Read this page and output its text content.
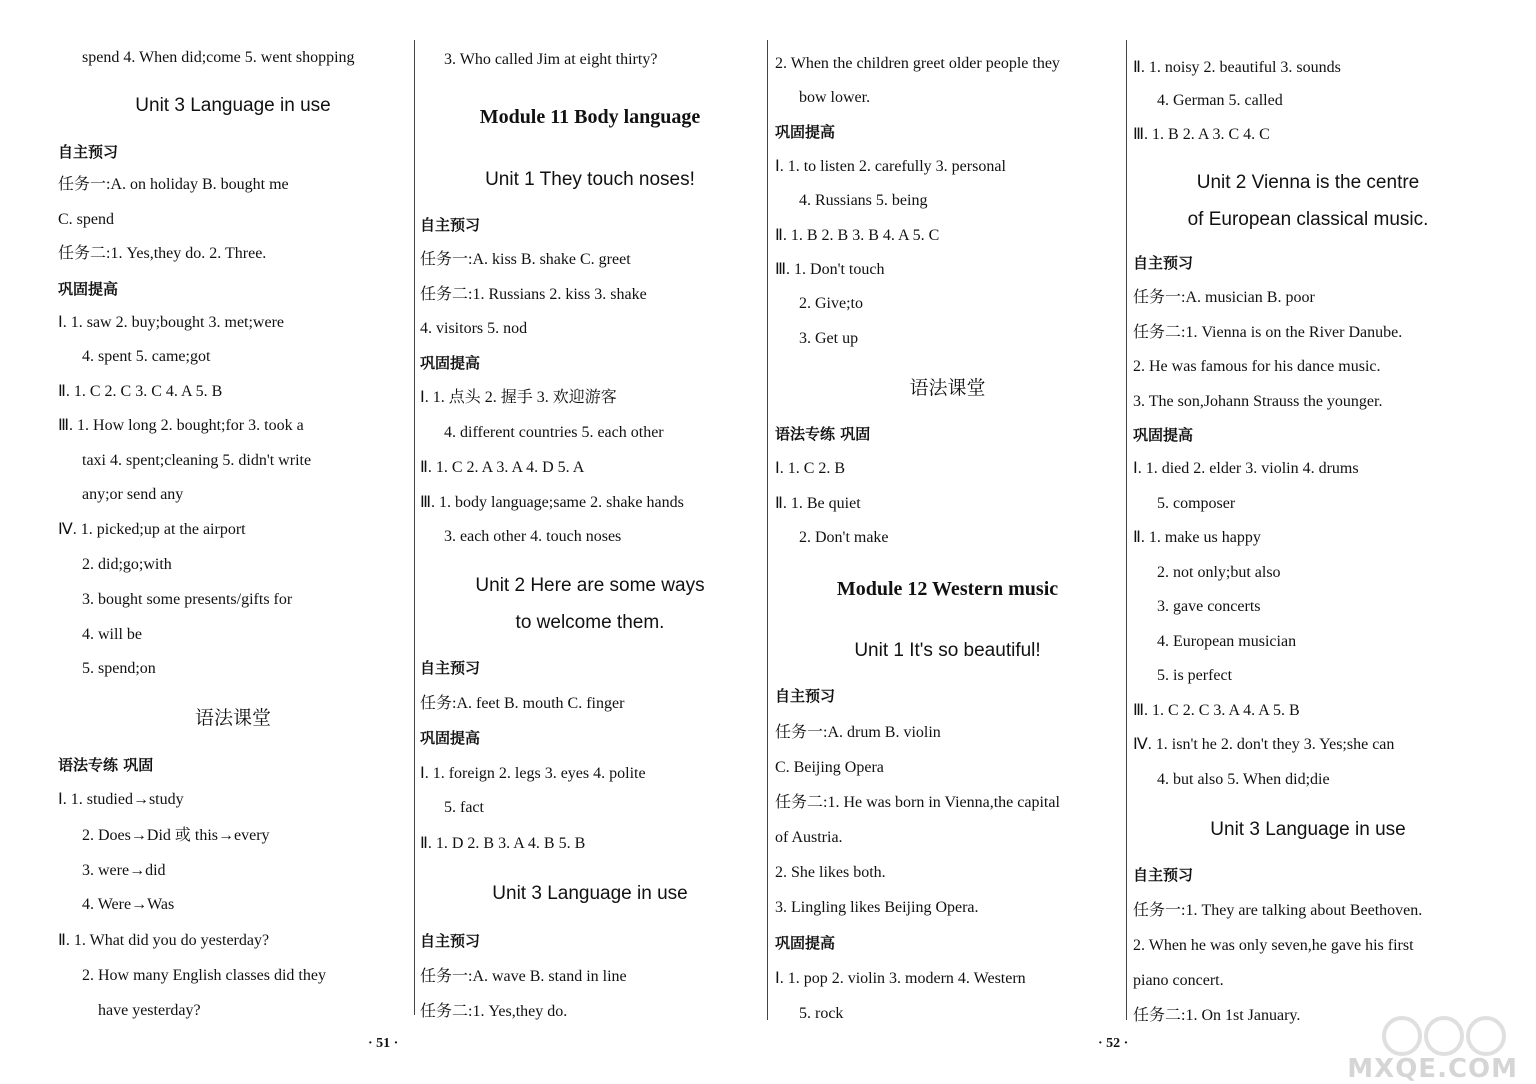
spend 4. When did;come 5. went shopping
Unit 3 Language in use
自主预习
任务一:A. on holiday B. bought me
C. spend
任务二:1. Yes,they do. 2. Three.
巩固提高
Ⅰ. 1. saw 2. buy;bought 3. met;were
4. spent 5. came;got
Ⅱ. 1. C 2. C 3. C 4. A 5. B
Ⅲ. 1. How long 2. bought;for 3. took a
taxi 4. spent;cleaning 5. didn't write
any;or send any
Ⅳ. 1. picked;up at the airport
2. did;go;with
3. bought some presents/gifts for
4. will be
5. spend;on
语法课堂
语法专练 巩固
Ⅰ. 1. studied→study
2. Does→Did 或 this→every
3. were→did
4. Were→Was
Ⅱ. 1. What did you do yesterday?
2. How many English classes did they
have yesterday?
3. Who called Jim at eight thirty?
Module 11 Body language
Unit 1 They touch noses!
自主预习
任务一:A. kiss B. shake C. greet
任务二:1. Russians 2. kiss 3. shake
4. visitors 5. nod
巩固提高
Ⅰ. 1. 点头 2. 握手 3. 欢迎游客
4. different countries 5. each other
Ⅱ. 1. C 2. A 3. A 4. D 5. A
Ⅲ. 1. body language;same 2. shake hands
3. each other 4. touch noses
Unit 2 Here are some ways
to welcome them.
自主预习
任务:A. feet B. mouth C. finger
巩固提高
Ⅰ. 1. foreign 2. legs 3. eyes 4. polite
5. fact
Ⅱ. 1. D 2. B 3. A 4. B 5. B
Unit 3 Language in use
自主预习
任务一:A. wave B. stand in line
任务二:1. Yes,they do.
2. When the children greet older people they
bow lower.
巩固提高
Ⅰ. 1. to listen 2. carefully 3. personal
4. Russians 5. being
Ⅱ. 1. B 2. B 3. B 4. A 5. C
Ⅲ. 1. Don't touch
2. Give;to
3. Get up
语法课堂
语法专练 巩固
Ⅰ. 1. C 2. B
Ⅱ. 1. Be quiet
2. Don't make
Module 12 Western music
Unit 1 It's so beautiful!
自主预习
任务一:A. drum B. violin
C. Beijing Opera
任务二:1. He was born in Vienna,the capital
of Austria.
2. She likes both.
3. Lingling likes Beijing Opera.
巩固提高
Ⅰ. 1. pop 2. violin 3. modern 4. Western
5. rock
Ⅱ. 1. noisy 2. beautiful 3. sounds
4. German 5. called
Ⅲ. 1. B 2. A 3. C 4. C
Unit 2 Vienna is the centre
of European classical music.
自主预习
任务一:A. musician B. poor
任务二:1. Vienna is on the River Danube.
2. He was famous for his dance music.
3. The son,Johann Strauss the younger.
巩固提高
Ⅰ. 1. died 2. elder 3. violin 4. drums
5. composer
Ⅱ. 1. make us happy
2. not only;but also
3. gave concerts
4. European musician
5. is perfect
Ⅲ. 1. C 2. C 3. A 4. A 5. B
Ⅳ. 1. isn't he 2. don't they 3. Yes;she can
4. but also 5. When did;die
Unit 3 Language in use
自主预习
任务一:1. They are talking about Beethoven.
2. When he was only seven,he gave his first
piano concert.
任务二:1. On 1st January.
· 51 ·	· 52 ·
MXQE.COM
